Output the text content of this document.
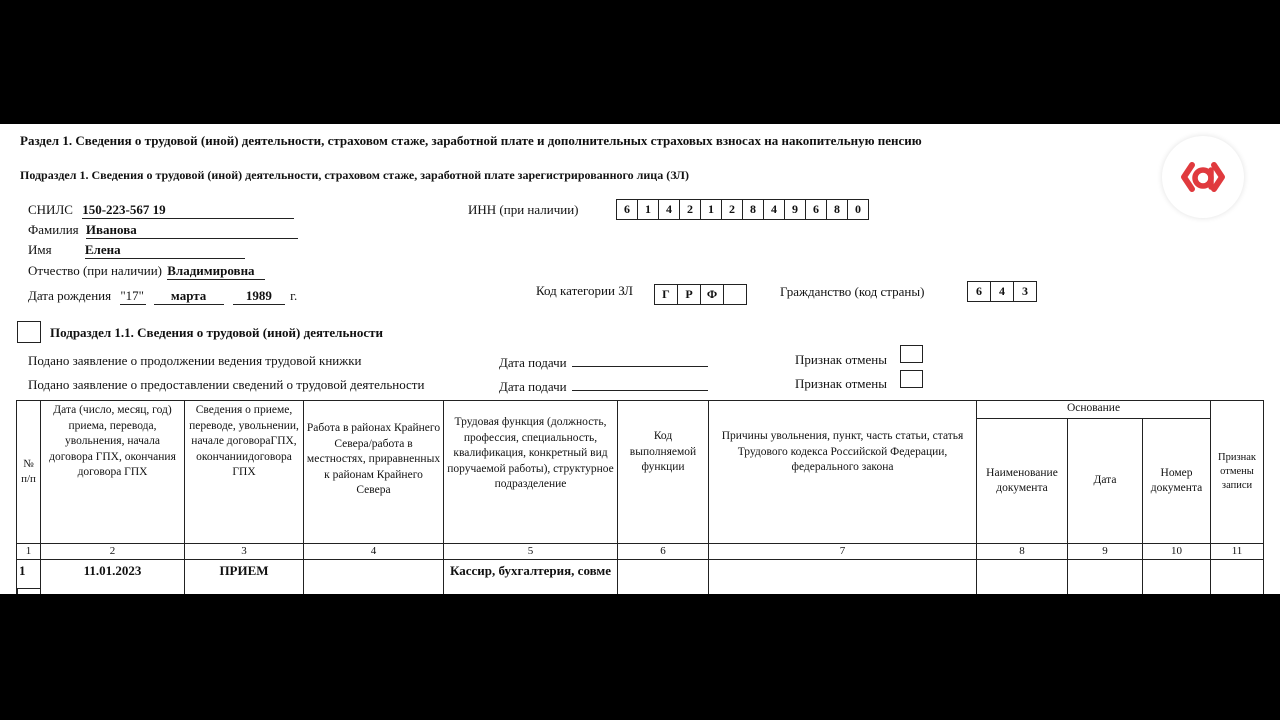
Раздел 1. Сведения о трудовой (иной) деятельности, страховом стаже, заработной плате и дополнительных страховых взносах на накопительную пенсию
Подраздел 1. Сведения о трудовой (иной) деятельности, страховом стаже, заработной плате зарегистрированного лица (ЗЛ)
СНИЛС 150-223-567 19
Фамилия Иванова
Имя	Елена
Отчество (при наличии) Владимировна
Дата рождения "17" марта	1989 г.
ИНН (при наличии)	6	1	4	2	1	2	8	4	9	6	8	0
Код категории ЗЛ	Г	Р	Ф	Гражданство (код страны)	6	4	3
Подраздел 1.1. Сведения о трудовой (иной) деятельности
Подано заявление о продолжении ведения трудовой книжки	Дата подачи	Признак отмены
Подано заявление о предоставлении сведений о трудовой деятельности	Дата подачи	Признак отмены
№ п/п	Дата (число, месяц, год) приема, перевода, увольнения, начала договора ГПХ, окончания договора ГПХ	Сведения о приеме, переводе, увольнении, начале договораГПХ, окончаниидоговора ГПХ	Работа в районах Крайнего Севера/работа в местностях, приравненных к районам Крайнего Севера	Трудовая функция (должность, профессия, специальность, квалификация, конкретный вид поручаемой работы), структурное подразделение	Код выполняемой функции	Причины увольнения, пункт, часть статьи, статья Трудового кодекса Российской Федерации, федерального закона	Основание			Признак отмены записи
							Наименование документа	Дата	Номер документа	
1	2	3	4	5	6	7	8	9	10	11
1	11.01.2023	ПРИЕМ		Кассир, бухгалтерия, совме						
